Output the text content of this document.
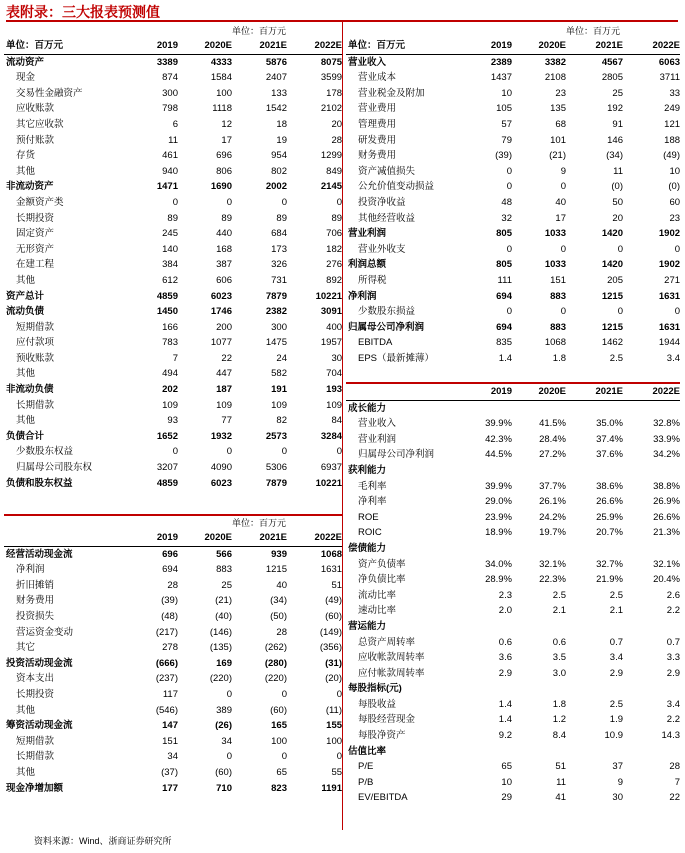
表附录：三大报表预测值
			单位：百万元	
单位：百万元	2019	2020E	2021E	2022E
流动资产	3389	4333	5876	8075
现金	874	1584	2407	3599
交易性金融资产	300	100	133	178
应收账款	798	1118	1542	2102
其它应收款	6	12	18	20
预付账款	11	17	19	28
存货	461	696	954	1299
其他	940	806	802	849
非流动资产	1471	1690	2002	2145
金额资产类	0	0	0	0
长期投资	89	89	89	89
固定资产	245	440	684	706
无形资产	140	168	173	182
在建工程	384	387	326	276
其他	612	606	731	892
资产总计	4859	6023	7879	10221
流动负债	1450	1746	2382	3091
短期借款	166	200	300	400
应付款项	783	1077	1475	1957
预收账款	7	22	24	30
其他	494	447	582	704
非流动负债	202	187	191	193
长期借款	109	109	109	109
其他	93	77	82	84
负债合计	1652	1932	2573	3284
少数股东权益	0	0	0	0
归属母公司股东权	3207	4090	5306	6937
负债和股东权益	4859	6023	7879	10221
			单位：百万元	
	2019	2020E	2021E	2022E
经营活动现金流	696	566	939	1068
净利润	694	883	1215	1631
折旧摊销	28	25	40	51
财务费用	(39)	(21)	(34)	(49)
投资损失	(48)	(40)	(50)	(60)
营运资金变动	(217)	(146)	28	(149)
其它	278	(135)	(262)	(356)
投资活动现金流	(666)	169	(280)	(31)
资本支出	(237)	(220)	(220)	(20)
长期投资	117	0	0	0
其他	(546)	389	(60)	(11)
筹资活动现金流	147	(26)	165	155
短期借款	151	34	100	100
长期借款	34	0	0	0
其他	(37)	(60)	65	55
现金净增加额	177	710	823	1191
			单位：百万元	
单位：百万元	2019	2020E	2021E	2022E
营业收入	2389	3382	4567	6063
营业成本	1437	2108	2805	3711
营业税金及附加	10	23	25	33
营业费用	105	135	192	249
管理费用	57	68	91	121
研发费用	79	101	146	188
财务费用	(39)	(21)	(34)	(49)
资产减值损失	0	9	11	10
公允价值变动损益	0	0	(0)	(0)
投资净收益	48	40	50	60
其他经营收益	32	17	20	23
营业利润	805	1033	1420	1902
营业外收支	0	0	0	0
利润总额	805	1033	1420	1902
所得税	111	151	205	271
净利润	694	883	1215	1631
少数股东损益	0	0	0	0
归属母公司净利润	694	883	1215	1631
EBITDA	835	1068	1462	1944
EPS（最新摊薄）	1.4	1.8	2.5	3.4
	2019	2020E	2021E	2022E
成长能力				
营业收入	39.9%	41.5%	35.0%	32.8%
营业利润	42.3%	28.4%	37.4%	33.9%
归属母公司净利润	44.5%	27.2%	37.6%	34.2%
获利能力				
毛利率	39.9%	37.7%	38.6%	38.8%
净利率	29.0%	26.1%	26.6%	26.9%
ROE	23.9%	24.2%	25.9%	26.6%
ROIC	18.9%	19.7%	20.7%	21.3%
偿债能力				
资产负债率	34.0%	32.1%	32.7%	32.1%
净负债比率	28.9%	22.3%	21.9%	20.4%
流动比率	2.3	2.5	2.5	2.6
速动比率	2.0	2.1	2.1	2.2
营运能力				
总资产周转率	0.6	0.6	0.7	0.7
应收帐款周转率	3.6	3.5	3.4	3.3
应付帐款周转率	2.9	3.0	2.9	2.9
每股指标(元)				
每股收益	1.4	1.8	2.5	3.4
每股经营现金	1.4	1.2	1.9	2.2
每股净资产	9.2	8.4	10.9	14.3
估值比率				
P/E	65	51	37	28
P/B	10	11	9	7
EV/EBITDA	29	41	30	22
资料来源：Wind、浙商证券研究所
